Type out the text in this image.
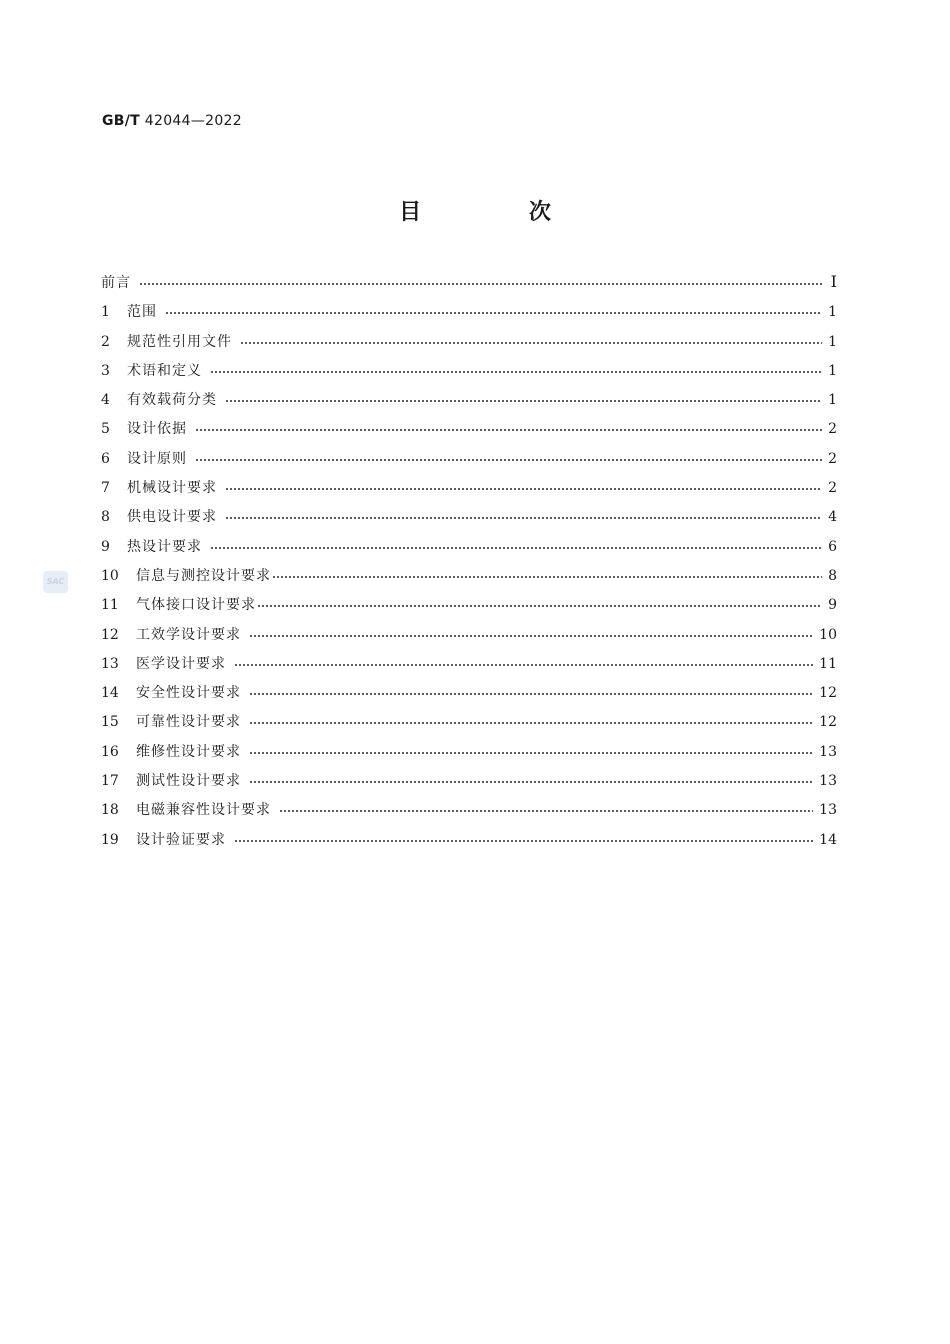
GB/T 42044—2022
目 次
SAC
前言	I
1	范围	1
2	规范性引用文件	1
3	术语和定义	1
4	有效载荷分类	1
5	设计依据	2
6	设计原则	2
7	机械设计要求	2
8	供电设计要求	4
9	热设计要求	6
10	信息与测控设计要求	8
11	气体接口设计要求	9
12	工效学设计要求	10
13	医学设计要求	11
14	安全性设计要求	12
15	可靠性设计要求	12
16	维修性设计要求	13
17	测试性设计要求	13
18	电磁兼容性设计要求	13
19	设计验证要求	14
